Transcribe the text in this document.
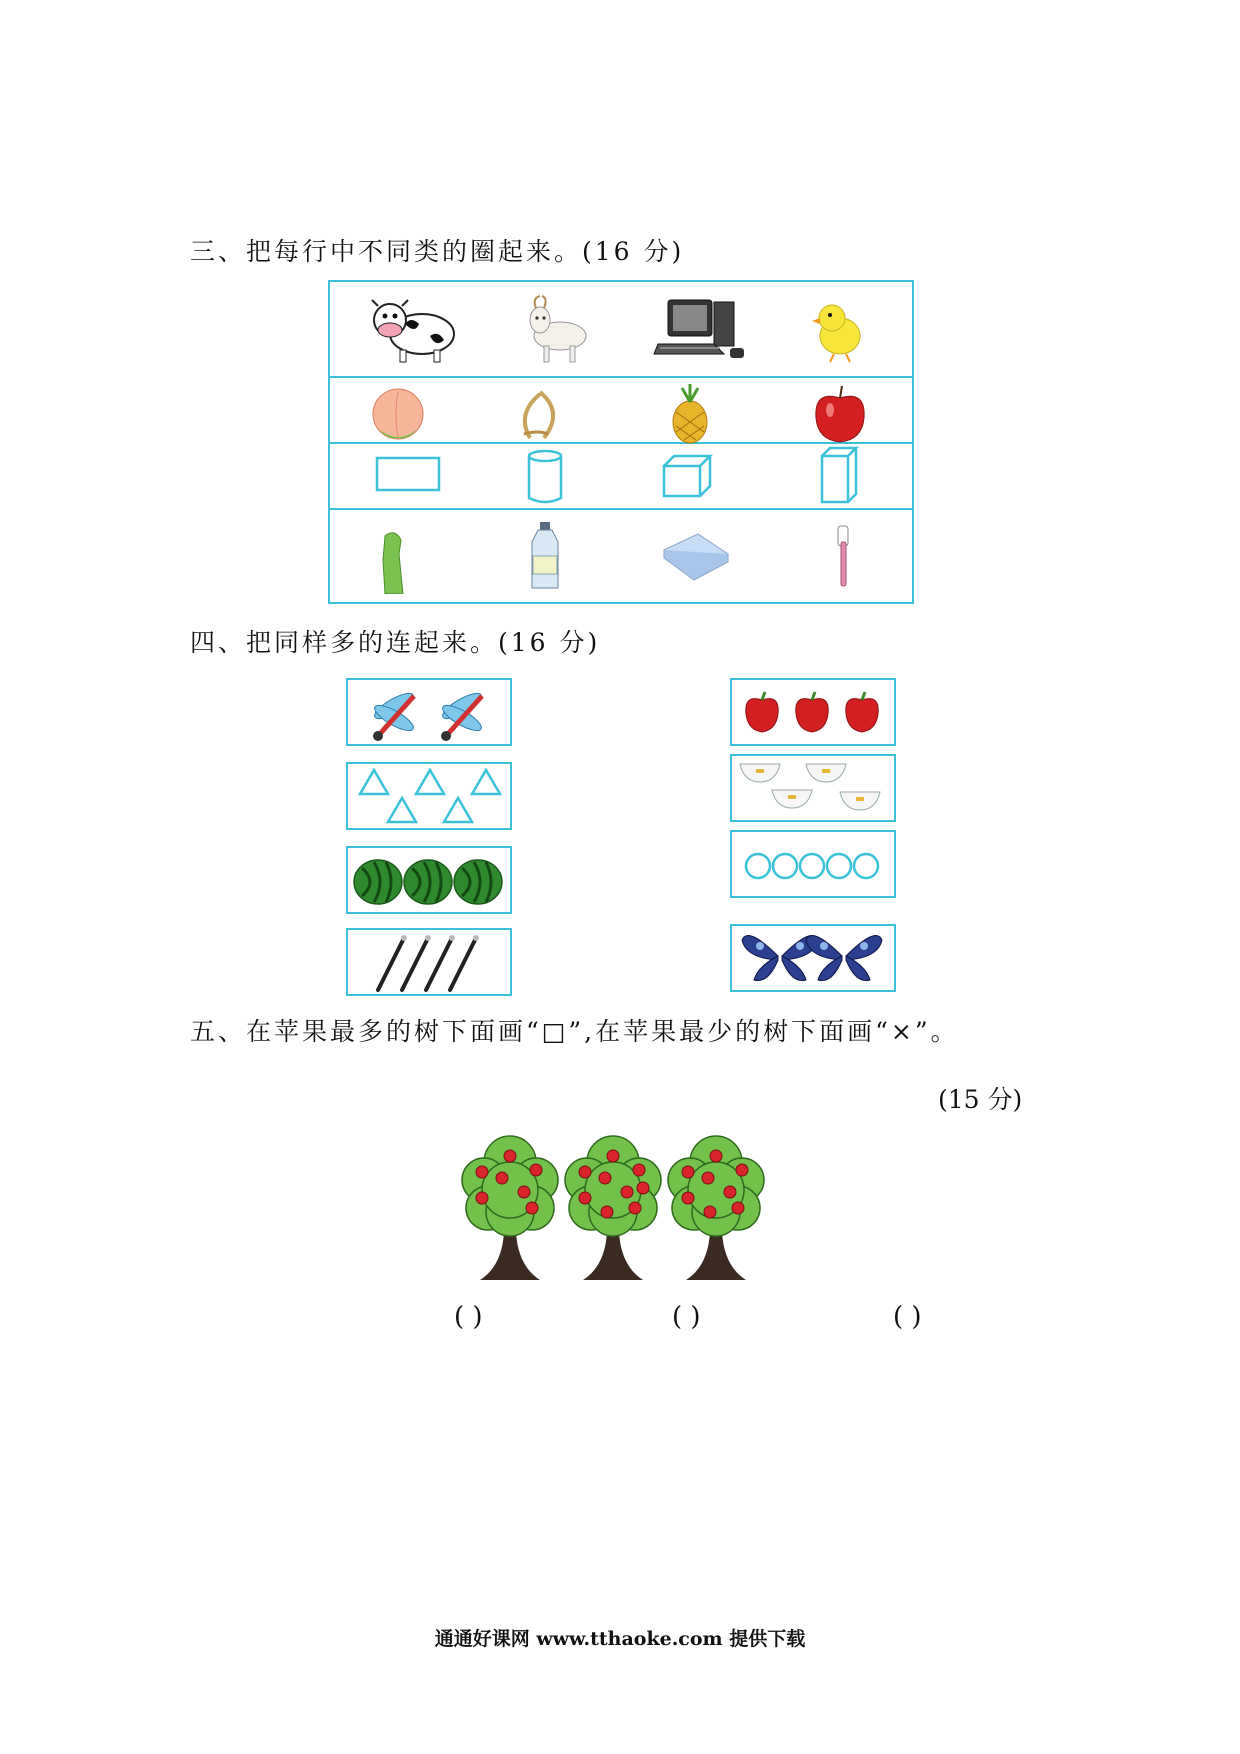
三、把每行中不同类的圈起来。(16 分)
四、把同样多的连起来。(16 分)
五、在苹果最多的树下面画“□”,在苹果最少的树下面画“×”。
(15 分)
( )	( )	( )
通通好课网 www.tthaoke.com 提供下载
